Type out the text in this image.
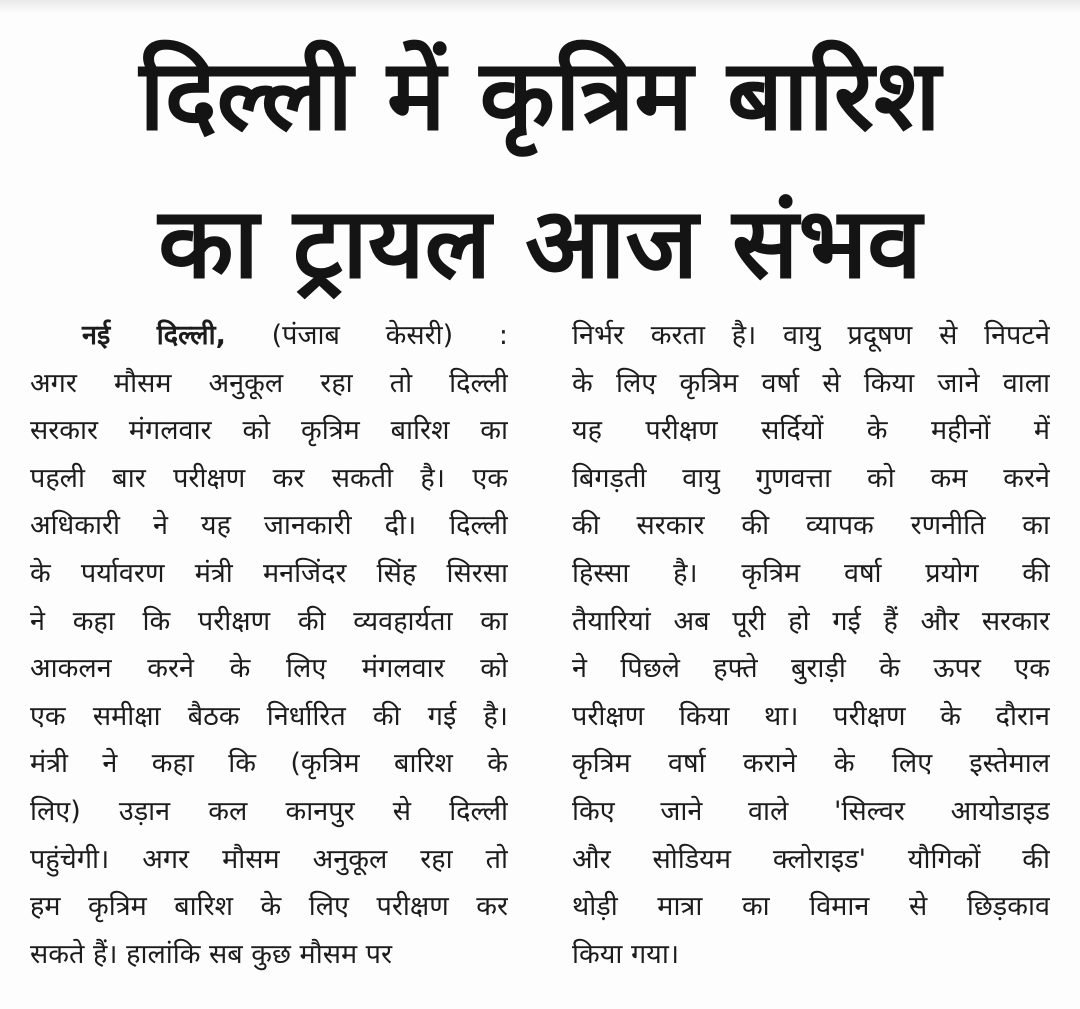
दिल्ली में कृत्रिम बारिश
का ट्रायल आज संभव
नई दिल्ली, (पंजाब केसरी) :
अगर मौसम अनुकूल रहा तो दिल्ली
सरकार मंगलवार को कृत्रिम बारिश का
पहली बार परीक्षण कर सकती है। एक
अधिकारी ने यह जानकारी दी। दिल्ली
के पर्यावरण मंत्री मनजिंदर सिंह सिरसा
ने कहा कि परीक्षण की व्यवहार्यता का
आकलन करने के लिए मंगलवार को
एक समीक्षा बैठक निर्धारित की गई है।
मंत्री ने कहा कि (कृत्रिम बारिश के
लिए) उड़ान कल कानपुर से दिल्ली
पहुंचेगी। अगर मौसम अनुकूल रहा तो
हम कृत्रिम बारिश के लिए परीक्षण कर
सकते हैं। हालांकि सब कुछ मौसम पर
निर्भर करता है। वायु प्रदूषण से निपटने
के लिए कृत्रिम वर्षा से किया जाने वाला
यह परीक्षण सर्दियों के महीनों में
बिगड़ती वायु गुणवत्ता को कम करने
की सरकार की व्यापक रणनीति का
हिस्सा है। कृत्रिम वर्षा प्रयोग की
तैयारियां अब पूरी हो गई हैं और सरकार
ने पिछले हफ्ते बुराड़ी के ऊपर एक
परीक्षण किया था। परीक्षण के दौरान
कृत्रिम वर्षा कराने के लिए इस्तेमाल
किए जाने वाले 'सिल्वर आयोडाइड
और सोडियम क्लोराइड' यौगिकों की
थोड़ी मात्रा का विमान से छिड़काव
किया गया।
